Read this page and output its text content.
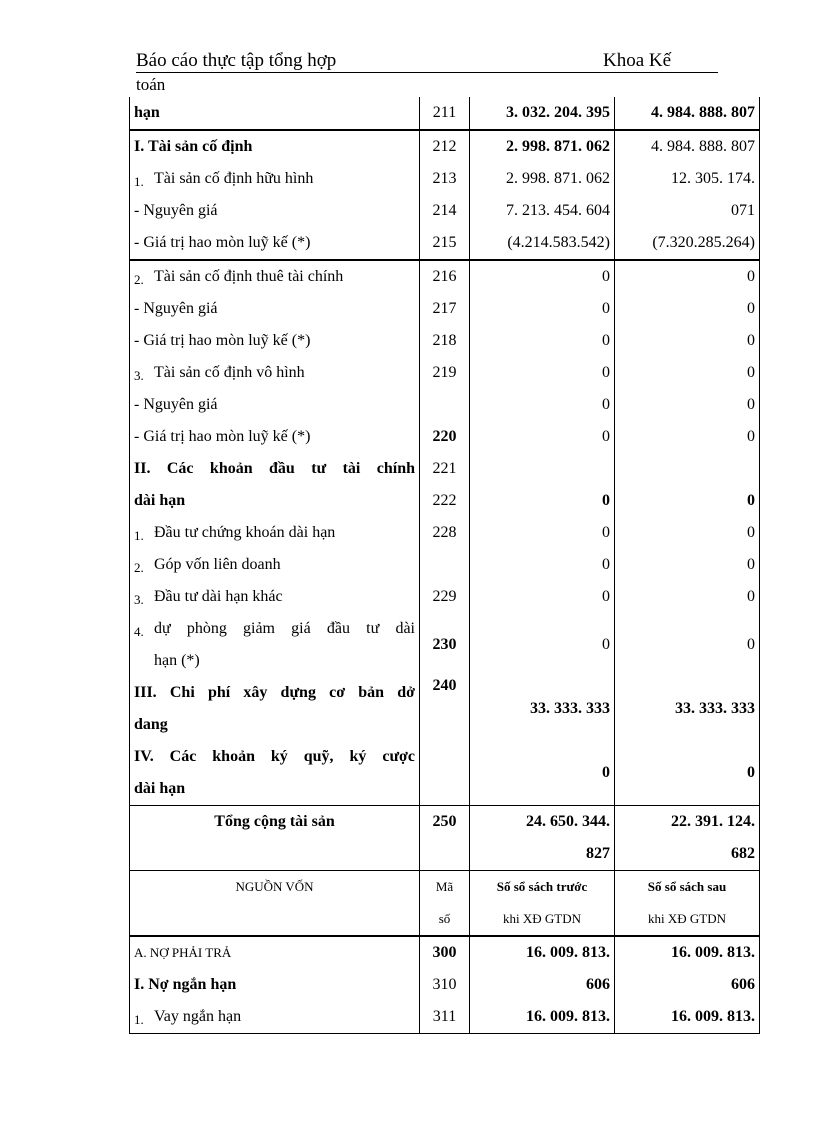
Báo cáo thực tập tổng hợp	Khoa Kế
toán
hạn	211	3. 032. 204. 395	4. 984. 888. 807
I. Tài sản cố định	212	2. 998. 871. 062	4. 984. 888. 807
1. Tài sản cố định hữu hình	213	2. 998. 871. 062	12. 305. 174.
- Nguyên giá	214	7. 213. 454. 604	071
- Giá trị hao mòn luỹ kế (*)	215	(4.214.583.542)	(7.320.285.264)
2. Tài sản cố định thuê tài chính	216	0	0
- Nguyên giá	217	0	0
- Giá trị hao mòn luỹ kế (*)	218	0	0
3. Tài sản cố định vô hình	219	0	0
- Nguyên giá		0	0
- Giá trị hao mòn luỹ kế (*)	220	0	0
II. Các khoản đầu tư tài chính	221		
dài hạn	222	0	0
1. Đầu tư chứng khoán dài hạn	228	0	0
2. Góp vốn liên doanh		0	0
3. Đầu tư dài hạn khác	229	0	0
4. dự phòng giảm giá đầu tư dài	230	0	0
hạn (*)			
III. Chi phí xây dựng cơ bản dở	240	33. 333. 333	33. 333. 333
dang			
IV. Các khoản ký quỹ, ký cược		0	0
dài hạn			
Tổng cộng tài sản	250	24. 650. 344.	22. 391. 124.
		827	682
NGUỒN VỐN	Mã	Số sổ sách trước	Số sổ sách sau
	số	khi XĐ GTDN	khi XĐ GTDN
A. NỢ PHẢI TRẢ	300	16. 009. 813.	16. 009. 813.
I. Nợ ngắn hạn	310	606	606
1. Vay ngắn hạn	311	16. 009. 813.	16. 009. 813.
